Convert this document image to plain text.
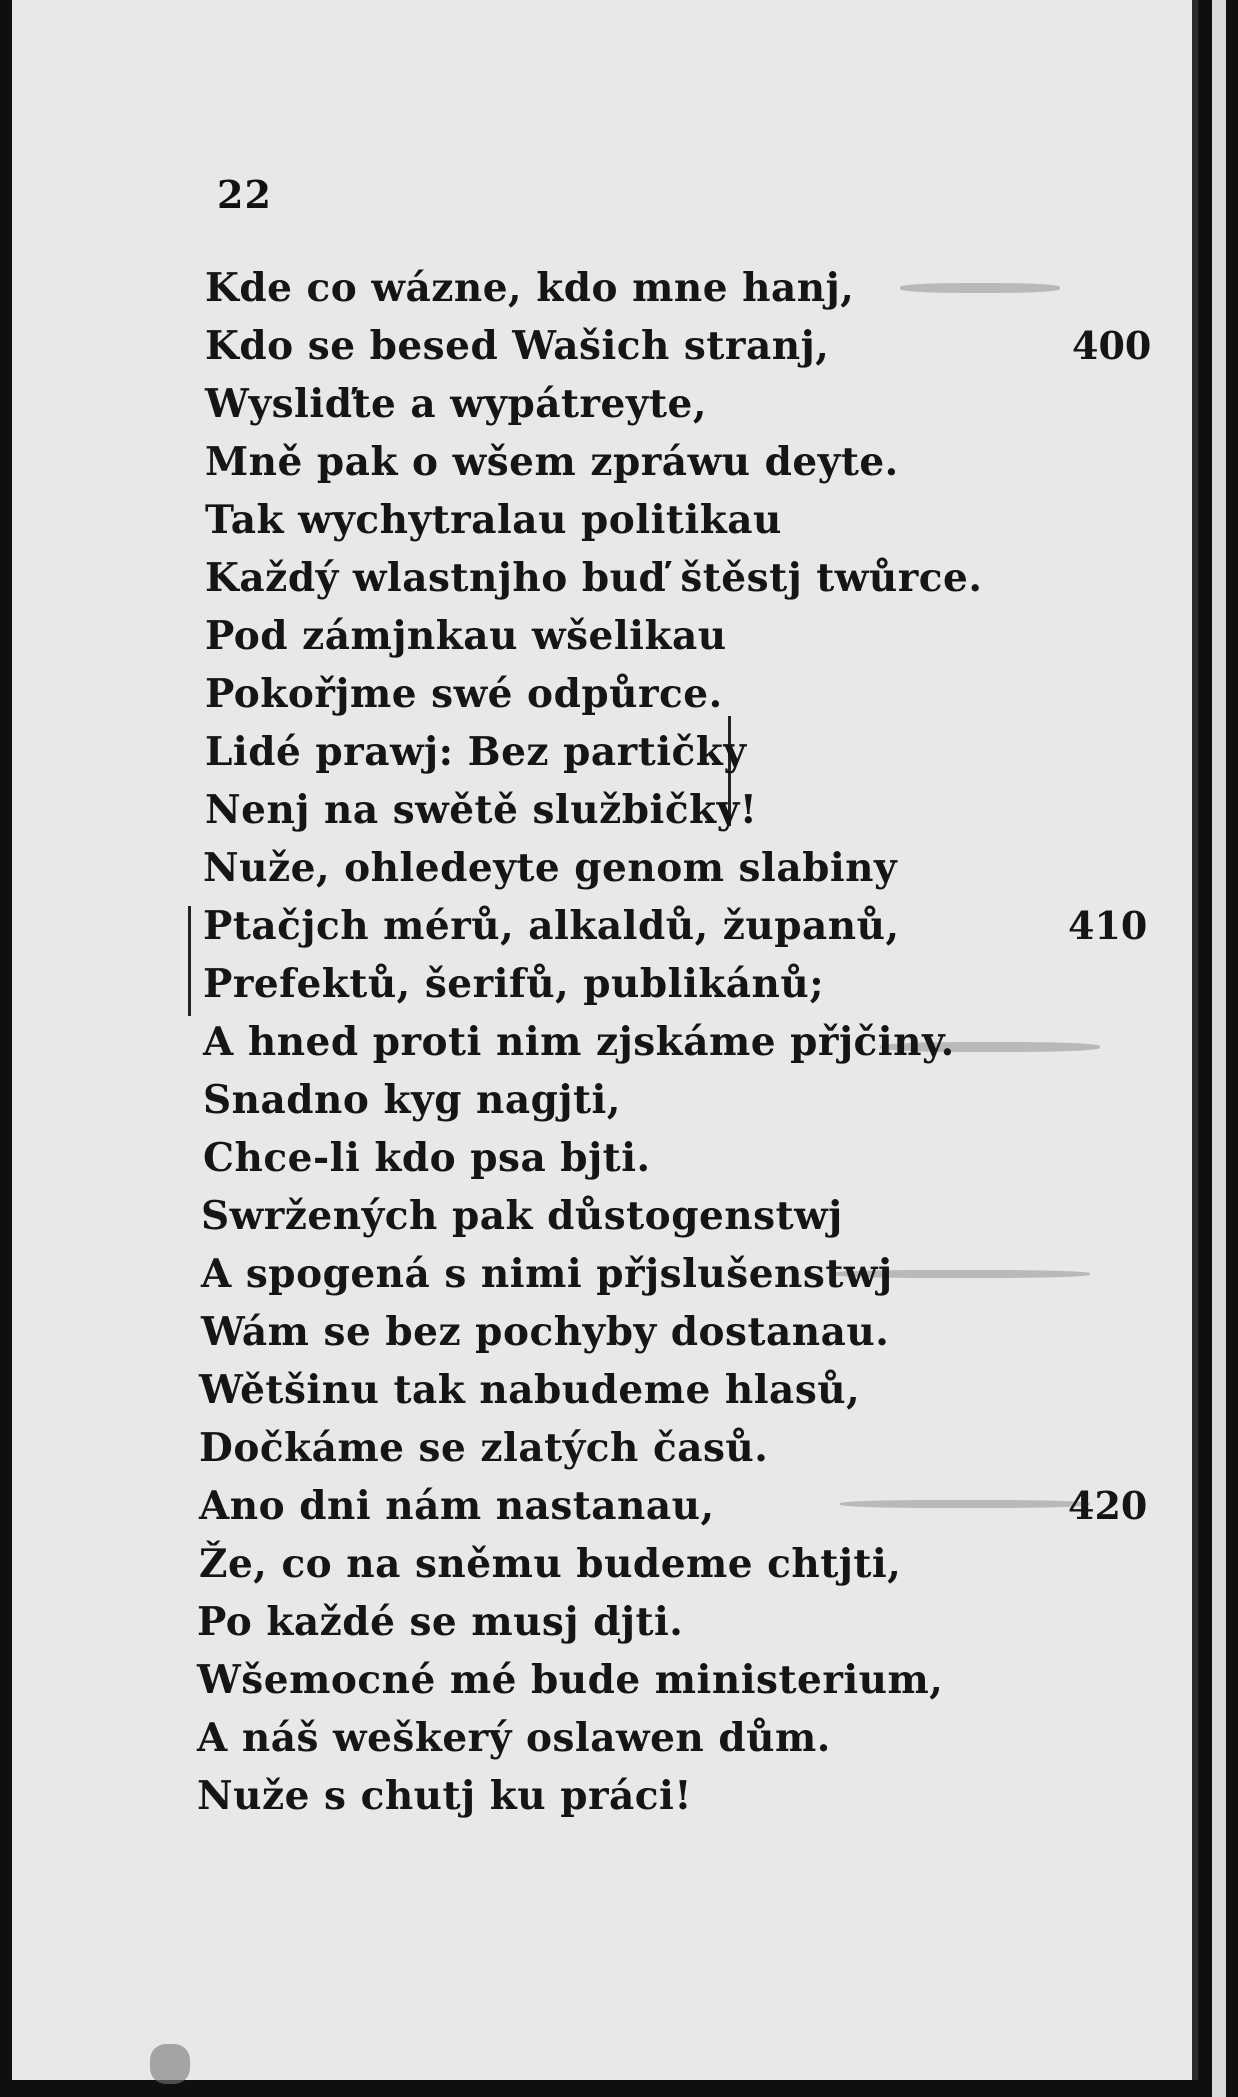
22
Kde co wázne, kdo mne hanj,
Kdo se besed Wašich stranj,
Wysliďte a wypátreyte,
Mně pak o wšem zpráwu deyte.
Tak wychytralau politikau
Každý wlastnjho buď štěstj twůrce.
Pod zámjnkau wšelikau
Pokořjme swé odpůrce.
Lidé prawj: Bez partičky
Nenj na swětě službičky!
Nuže, ohledeyte genom slabiny
Ptačjch mérů, alkaldů, županů,
Prefektů, šerifů, publikánů;
A hned proti nim zjskáme přjčiny.
Snadno kyg nagjti,
Chce-li kdo psa bjti.
Swržených pak důstogenstwj
A spogená s nimi přjslušenstwj
Wám se bez pochyby dostanau.
Wětšinu tak nabudeme hlasů,
Dočkáme se zlatých časů.
Ano dni nám nastanau,
Že, co na sněmu budeme chtjti,
Po každé se musj djti.
Wšemocné mé bude ministerium,
A náš weškerý oslawen dům.
Nuže s chutj ku práci!
400
410
420
